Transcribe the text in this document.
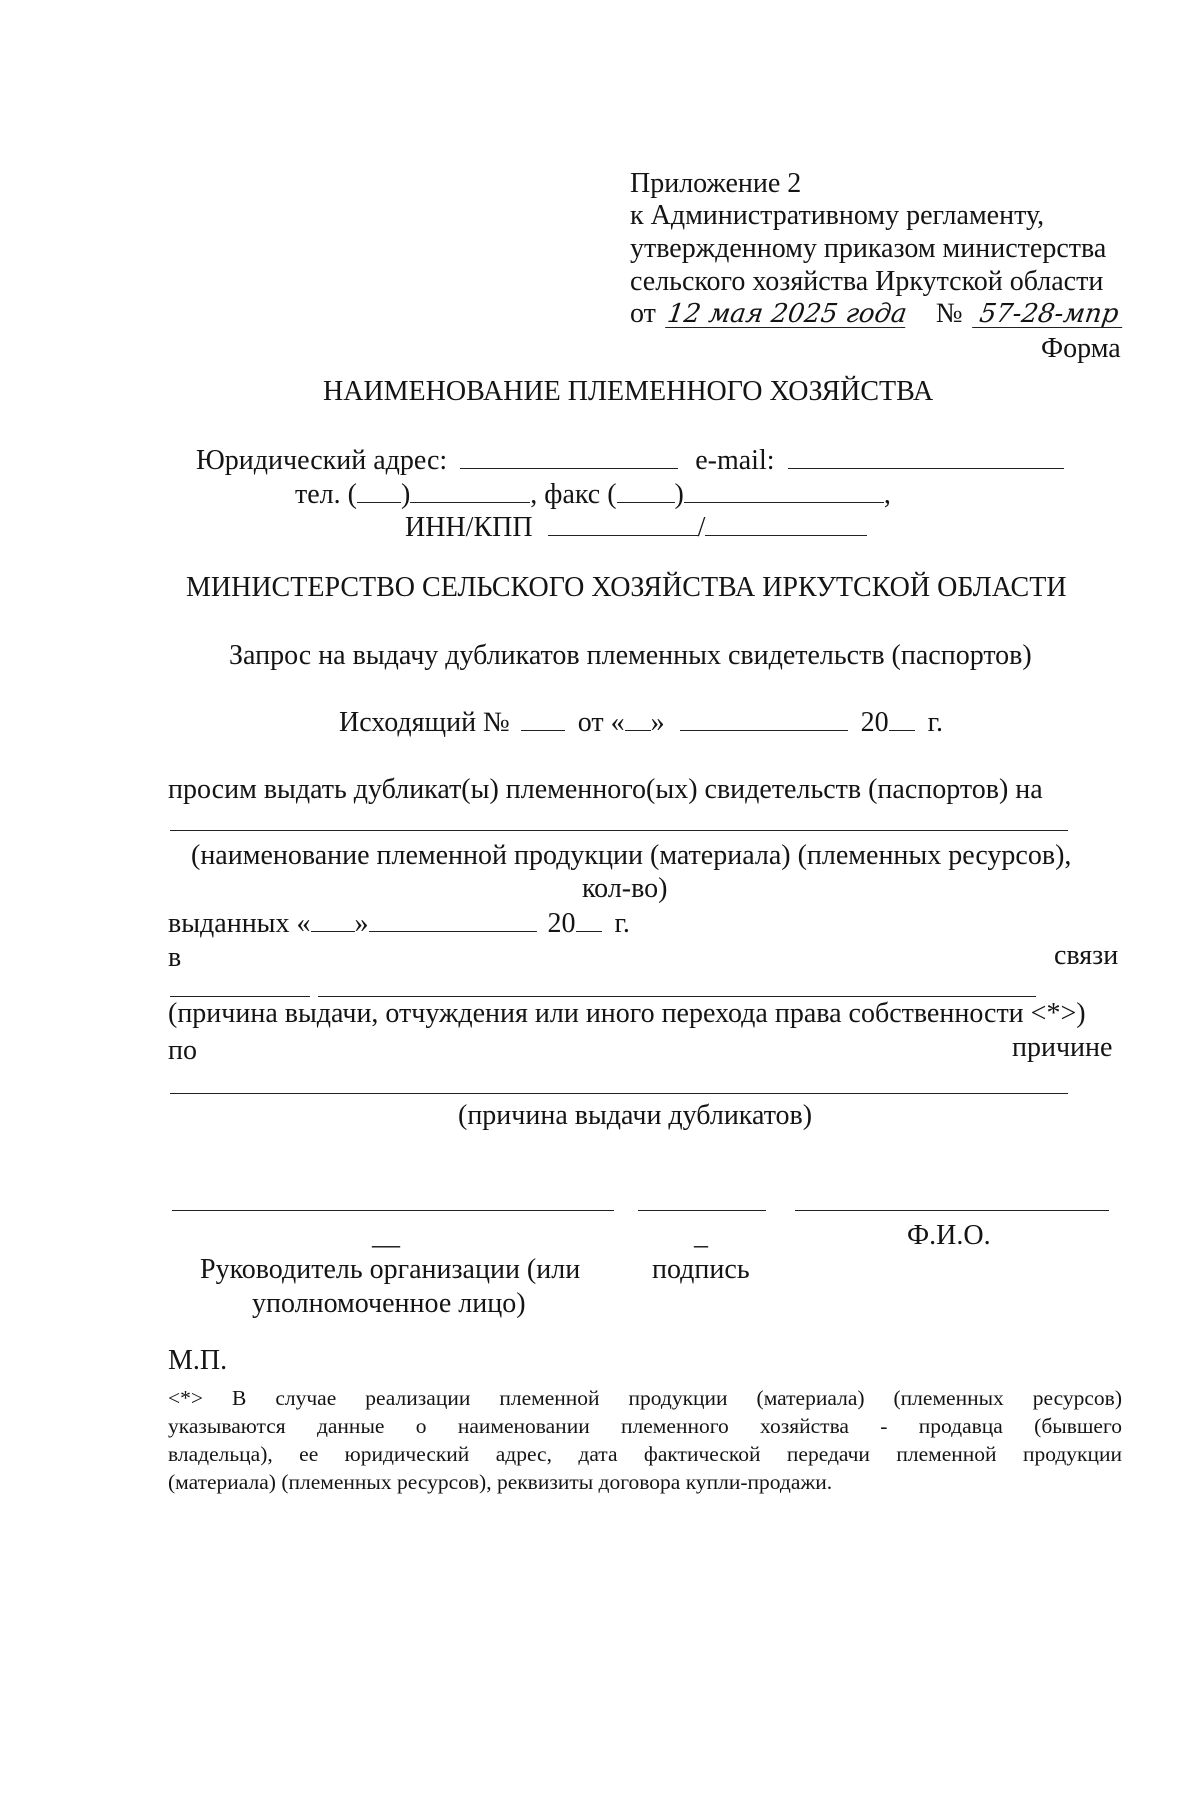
Приложение 2
к Административному регламенту,
утвержденному приказом министерства
сельского хозяйства Иркутской области
от 12 мая 2025 года № 57-28-мпр
Форма
НАИМЕНОВАНИЕ ПЛЕМЕННОГО ХОЗЯЙСТВА
Юридический адрес:	e-mail:
тел. ( )	, факс ( )	,
ИНН/КПП	/
МИНИСТЕРСТВО СЕЛЬСКОГО ХОЗЯЙСТВА ИРКУТСКОЙ ОБЛАСТИ
Запрос на выдачу дубликатов племенных свидетельств (паспортов)
Исходящий № от « »	20 г.
просим выдать дубликат(ы) племенного(ых) свидетельств (паспортов) на
(наименование племенной продукции (материала) (племенных ресурсов),
кол-во)
выданных « »	20 г.
в	связи
(причина выдачи, отчуждения или иного перехода права собственности <*>)
по	причине
(причина выдачи дубликатов)
__	_	Ф.И.О.
Руководитель организации (или	подпись
уполномоченное лицо)
М.П.
<*> В случае реализации племенной продукции (материала) (племенных ресурсов)
указываются данные о наименовании племенного хозяйства - продавца (бывшего
владельца), ее юридический адрес, дата фактической передачи племенной продукции
(материала) (племенных ресурсов), реквизиты договора купли-продажи.
